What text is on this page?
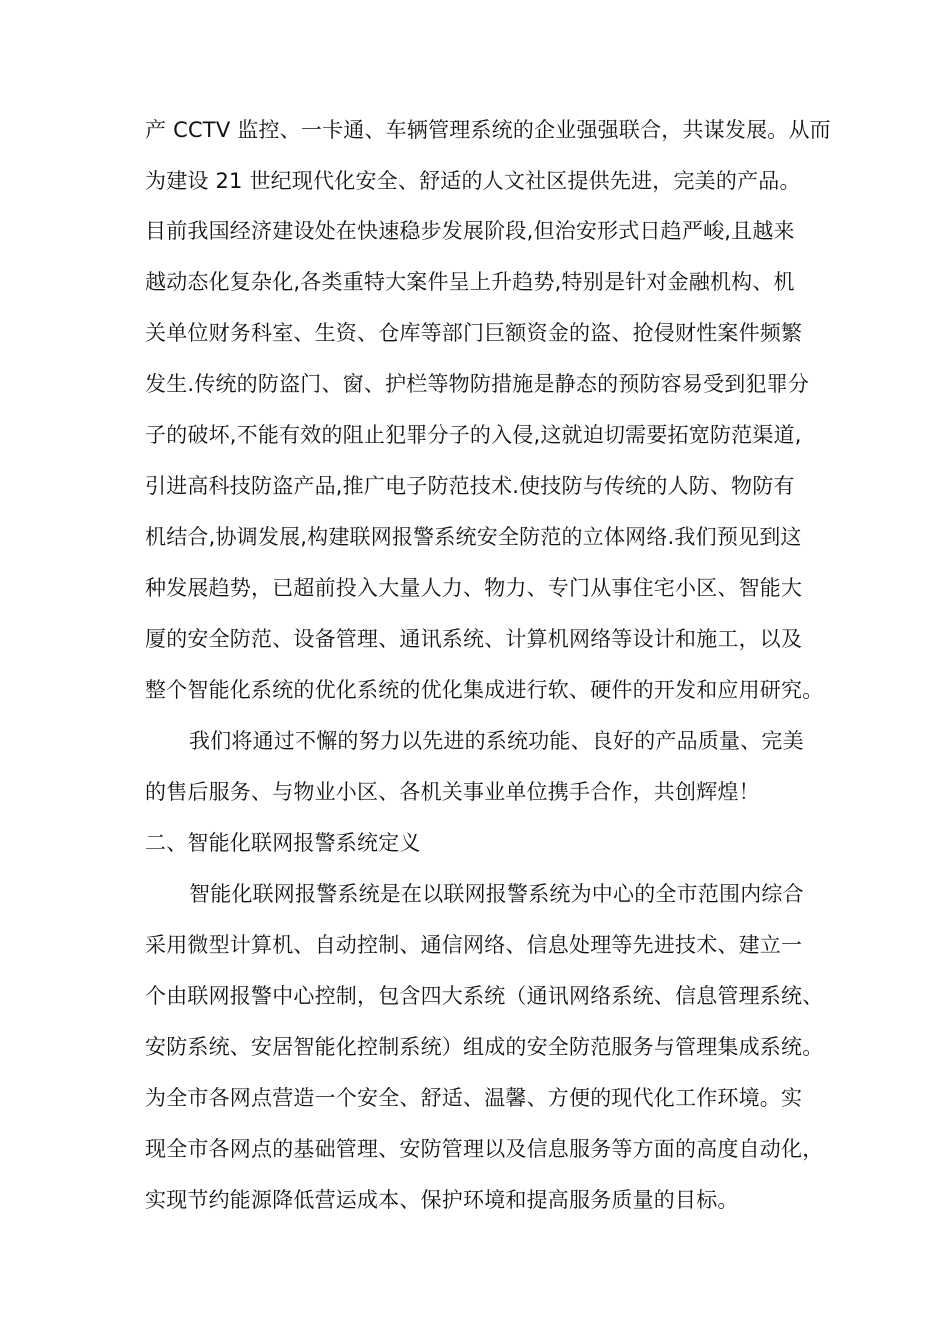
产 CCTV 监控、一卡通、车辆管理系统的企业强强联合，共谋发展。从而
为建设 21 世纪现代化安全、舒适的人文社区提供先进，完美的产品。
目前我国经济建设处在快速稳步发展阶段,但治安形式日趋严峻,且越来
越动态化复杂化,各类重特大案件呈上升趋势,特别是针对金融机构、机
关单位财务科室、生资、仓库等部门巨额资金的盗、抢侵财性案件频繁
发生.传统的防盗门、窗、护栏等物防措施是静态的预防容易受到犯罪分
子的破坏,不能有效的阻止犯罪分子的入侵,这就迫切需要拓宽防范渠道,
引进高科技防盗产品,推广电子防范技术.使技防与传统的人防、物防有
机结合,协调发展,构建联网报警系统安全防范的立体网络.我们预见到这
种发展趋势，已超前投入大量人力、物力、专门从事住宅小区、智能大
厦的安全防范、设备管理、通讯系统、计算机网络等设计和施工，以及
整个智能化系统的优化系统的优化集成进行软、硬件的开发和应用研究。
我们将通过不懈的努力以先进的系统功能、良好的产品质量、完美
的售后服务、与物业小区、各机关事业单位携手合作，共创辉煌！
二、智能化联网报警系统定义
智能化联网报警系统是在以联网报警系统为中心的全市范围内综合
采用微型计算机、自动控制、通信网络、信息处理等先进技术、建立一
个由联网报警中心控制，包含四大系统（通讯网络系统、信息管理系统、
安防系统、安居智能化控制系统）组成的安全防范服务与管理集成系统。
为全市各网点营造一个安全、舒适、温馨、方便的现代化工作环境。实
现全市各网点的基础管理、安防管理以及信息服务等方面的高度自动化，
实现节约能源降低营运成本、保护环境和提高服务质量的目标。
